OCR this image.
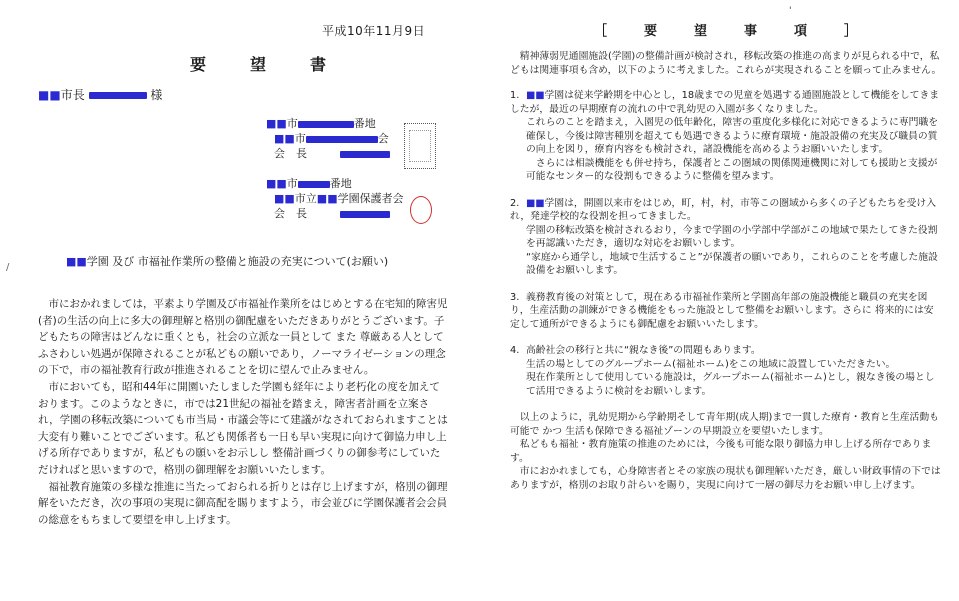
平成10年11月9日
要　望　書
■■市長	様
■■市	番地
■■市	会
会　長　　　
■■市	番地
■■市立■■学園保護者会
会　長　　　
/	■■学園 及び 市福祉作業所の整備と施設の充実について(お願い)

市におかれましては，平素より学園及び市福祉作業所をはじめとする在宅知的障害児(者)の生活の向上に多大の御理解と格別の御配慮をいただきありがとうございます。子どもたちの障害はどんなに重くとも，社会の立派な一員として また 尊厳ある人としてふさわしい処遇が保障されることが私どもの願いであり，ノーマライゼーションの理念の下で，市の福祉教育行政が推進されることを切に望んで止みません。

市においても，昭和44年に開園いたしました学園も経年により老朽化の度を加えております。このようなときに，市では21世紀の福祉を踏まえ，障害者計画を立案され，学園の移転改築についても市当局・市議会等にて建議がなされておられますことは大変有り難いことでございます。私ども関係者も一日も早い実現に向けて御協力申し上げる所存でありますが，私どもの願いをお示しし 整備計画づくりの御参考にしていただければと思いますので，格別の御理解をお願いいたします。

福祉教育施策の多様な推進に当たっておられる折りとは存じ上げますが，格別の御理解をいただき，次の事項の実現に御高配を賜りますよう，市会並びに学園保護者会会員の総意をもちまして要望を申し上げます。

'
［　要　望　事　項　］

精神薄弱児通園施設(学園)の整備計画が検討され，移転改築の推進の高まりが見られる中で，私どもは関連事項も含め，以下のように考えました。これらが実現されることを願って止みません。

1. ■■学園は従来学齢期を中心とし，18歳までの児童を処遇する通園施設として機能をしてきましたが，最近の早期療育の流れの中で乳幼児の入園が多くなりました。
これらのことを踏まえ，入園児の低年齢化，障害の重度化多様化に対応できるように専門職を確保し，今後は障害種別を超えても処遇できるように療育環境・施設設備の充実及び職員の質の向上を図り，療育内容をも検討され，諸設機能を高めるようお願いいたします。
さらには相談機能をも併せ持ち，保護者とこの圏域の関係関連機関に対しても援助と支援が可能なセンター的な役割もできるように整備を望みます。
2. ■■学園は，開園以来市をはじめ，町，村，村，市等この圏域から多くの子どもたちを受け入れ，発達学校的な役割を担ってきました。
学園の移転改築を検討されるおり，今まで学園の小学部中学部がこの地域で果たしてきた役割を再認識いただき，適切な対応をお願いします。
“家庭から通学し，地域で生活すること”が保護者の願いであり，これらのことを考慮した施設設備をお願いします。
3. 義務教育後の対策として，現在ある市福祉作業所と学園高年部の施設機能と職員の充実を図り，生産活動の訓練ができる機能をもった施設として整備をお願いします。さらに 将来的には安定して通所ができるようにも御配慮をお願いいたします。
4. 高齢社会の移行と共に“親なき後”の問題もあります。
生活の場としてのグループホーム(福祉ホーム)をこの地域に設置していただきたい。
現在作業所として使用している施設は，グループホーム(福祉ホーム)とし，親なき後の場として活用できるように検討をお願いします。

以上のように，乳幼児期から学齢期そして青年期(成人期)まで一貫した療育・教育と生産活動も可能で かつ 生活も保障できる福祉ゾーンの早期設立を要望いたします。

私どもも福祉・教育施策の推進のためには，今後も可能な限り御協力申し上げる所存であります。

市におかれましても，心身障害者とその家族の現状も御理解いただき，厳しい財政事情の下ではありますが，格別のお取り計らいを賜り，実現に向けて一層の御尽力をお願い申し上げます。
